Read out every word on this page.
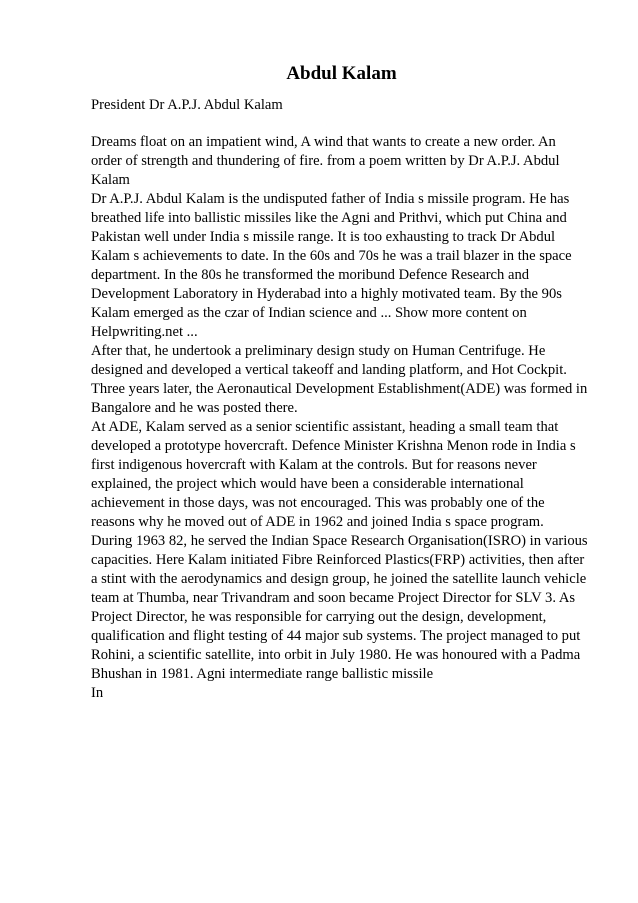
Abdul Kalam
President Dr A.P.J. Abdul Kalam
Dreams float on an impatient wind, A wind that wants to create a new order. An
order of strength and thundering of fire. from a poem written by Dr A.P.J. Abdul
Kalam
Dr A.P.J. Abdul Kalam is the undisputed father of India s missile program. He has
breathed life into ballistic missiles like the Agni and Prithvi, which put China and
Pakistan well under India s missile range. It is too exhausting to track Dr Abdul
Kalam s achievements to date. In the 60s and 70s he was a trail blazer in the space
department. In the 80s he transformed the moribund Defence Research and
Development Laboratory in Hyderabad into a highly motivated team. By the 90s
Kalam emerged as the czar of Indian science and ... Show more content on
Helpwriting.net ...
After that, he undertook a preliminary design study on Human Centrifuge. He
designed and developed a vertical takeoff and landing platform, and Hot Cockpit.
Three years later, the Aeronautical Development Establishment(ADE) was formed in
Bangalore and he was posted there.
At ADE, Kalam served as a senior scientific assistant, heading a small team that
developed a prototype hovercraft. Defence Minister Krishna Menon rode in India s
first indigenous hovercraft with Kalam at the controls. But for reasons never
explained, the project which would have been a considerable international
achievement in those days, was not encouraged. This was probably one of the
reasons why he moved out of ADE in 1962 and joined India s space program.
During 1963 82, he served the Indian Space Research Organisation(ISRO) in various
capacities. Here Kalam initiated Fibre Reinforced Plastics(FRP) activities, then after
a stint with the aerodynamics and design group, he joined the satellite launch vehicle
team at Thumba, near Trivandram and soon became Project Director for SLV 3. As
Project Director, he was responsible for carrying out the design, development,
qualification and flight testing of 44 major sub systems. The project managed to put
Rohini, a scientific satellite, into orbit in July 1980. He was honoured with a Padma
Bhushan in 1981. Agni intermediate range ballistic missile
In
